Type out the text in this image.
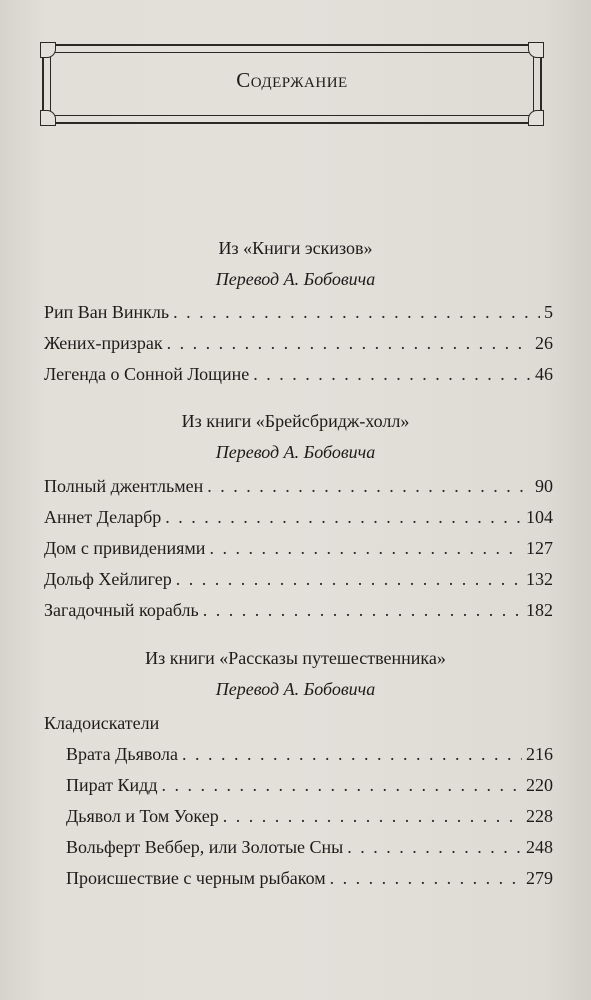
Содержание
Из «Книги эскизов»
Перевод А. Бобовича
Рип Ван Винкль . . .	5
Жених-призрак . . .	26
Легенда о Сонной Лощине . . .	46
Из книги «Брейсбридж-холл»
Перевод А. Бобовича
Полный джентльмен . . .	90
Аннет Деларбр . . .	104
Дом с привидениями . . .	127
Дольф Хейлигер . . .	132
Загадочный корабль . . .	182
Из книги «Рассказы путешественника»
Перевод А. Бобовича
Кладоискатели
Врата Дьявола . . .	216
Пират Кидд . . .	220
Дьявол и Том Уокер . . .	228
Вольферт Веббер, или Золотые Сны . . .	248
Происшествие с черным рыбаком . . .	279
